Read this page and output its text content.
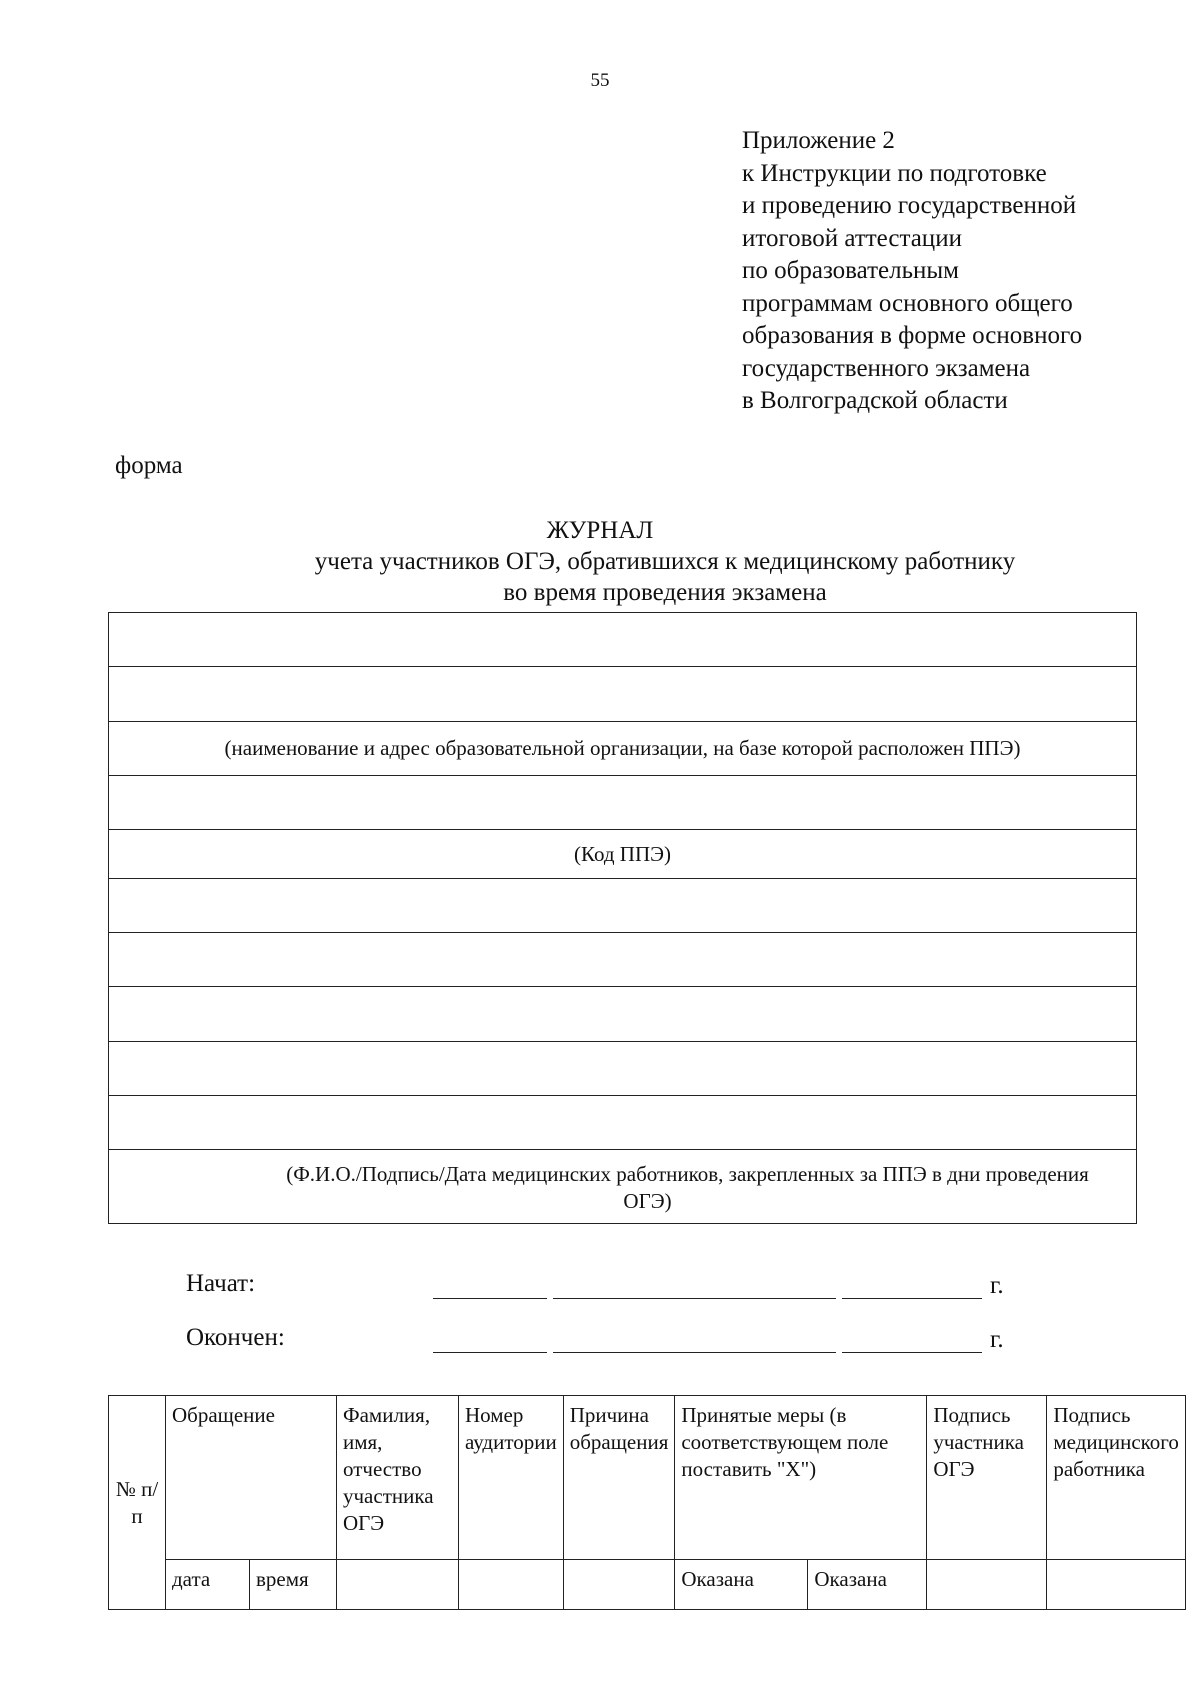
55
Приложение 2
к Инструкции по подготовке
и проведению государственной
итоговой аттестации
по образовательным
программам основного общего
образования в форме основного
государственного экзамена
в Волгоградской области
форма
ЖУРНАЛ
учета участников ОГЭ, обратившихся к медицинскому работнику
во время проведения экзамена
(наименование и адрес образовательной организации, на базе которой расположен ППЭ)
(Код ППЭ)
(Ф.И.О./Подпись/Дата медицинских работников, закрепленных за ППЭ в дни проведения
ОГЭ)
Начат:	г.
Окончен:	г.
№ п/п	Обращение		Фамилия, имя, отчество участника ОГЭ	Номер аудитории	Причина обращения	Принятые меры (в соответствующем поле поставить "X")		Подпись участника ОГЭ	Подпись медицинского работника
	дата	время				Оказана	Оказана		
